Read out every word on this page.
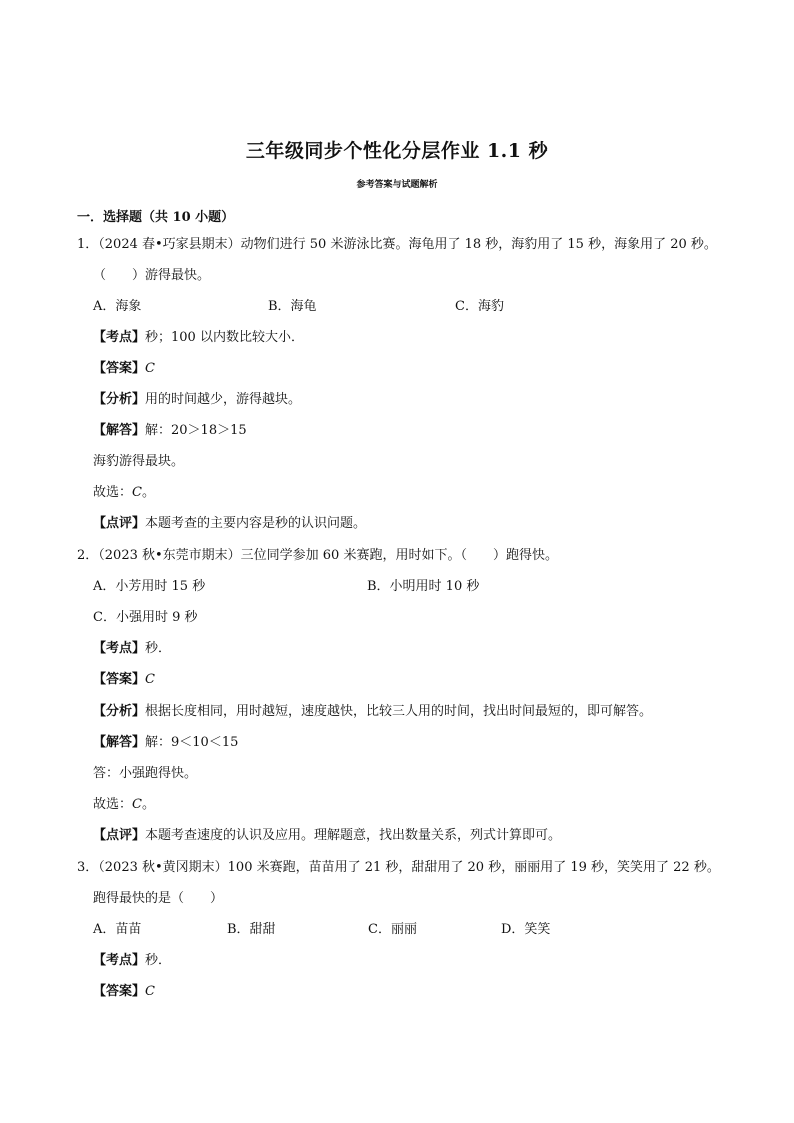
三年级同步个性化分层作业 1.1 秒
参考答案与试题解析
一．选择题（共 10 小题）
1．（2024 春•巧家县期末）动物们进行 50 米游泳比赛。海龟用了 18 秒，海豹用了 15 秒，海象用了 20 秒。
（　　）游得最快。
A．海象	B．海龟	C．海豹
【考点】秒；100 以内数比较大小．
【答案】C
【分析】用的时间越少，游得越块。
【解答】解：20＞18＞15
海豹游得最块。
故选：C。
【点评】本题考查的主要内容是秒的认识问题。
2．（2023 秋•东莞市期末）三位同学参加 60 米赛跑，用时如下。（　　）跑得快。
A．小芳用时 15 秒	B．小明用时 10 秒
C．小强用时 9 秒
【考点】秒．
【答案】C
【分析】根据长度相同，用时越短，速度越快，比较三人用的时间，找出时间最短的，即可解答。
【解答】解：9＜10＜15
答：小强跑得快。
故选：C。
【点评】本题考查速度的认识及应用。理解题意，找出数量关系，列式计算即可。
3．（2023 秋•黄冈期末）100 米赛跑，苗苗用了 21 秒，甜甜用了 20 秒，丽丽用了 19 秒，笑笑用了 22 秒。
跑得最快的是（　　）
A．苗苗	B．甜甜	C．丽丽	D．笑笑
【考点】秒．
【答案】C
